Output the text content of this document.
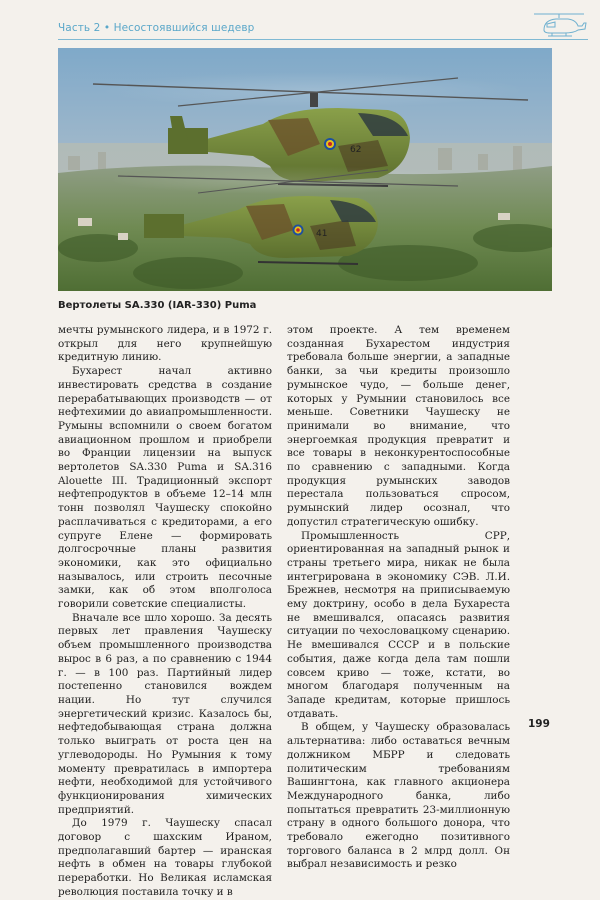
Часть 2 • Несостоявшийся шедевр
62
41
Вертолеты SA.330 (IAR-330) Puma

мечты румынского лидера, и в 1972 г. открыл для него крупнейшую кредитную линию.

Бухарест начал активно инвестировать средства в создание перерабатывающих производств — от нефтехимии до авиапромышленности. Румыны вспомнили о своем богатом авиационном прошлом и приобрели во Франции лицензии на выпуск вертолетов SA.330 Puma и SA.316 Alouette III. Традиционный экспорт нефтепродуктов в объеме 12–14 млн тонн позволял Чаушеску спокойно расплачиваться с кредиторами, а его супруге Елене — формировать долгосрочные планы развития экономики, как это официально называлось, или строить песочные замки, как об этом вполголоса говорили советские специалисты.

Вначале все шло хорошо. За десять первых лет правления Чаушеску объем промышленного производства вырос в 6 раз, а по сравнению с 1944 г. — в 100 раз. Партийный лидер постепенно становился вождем нации. Но тут случился энергетический кризис. Казалось бы, нефтедобывающая страна должна только выиграть от роста цен на углеводороды. Но Румыния к тому моменту превратилась в импортера нефти, необходимой для устойчивого функционирования химических предприятий.

До 1979 г. Чаушеску спасал договор с шахским Ираном, предполагавший бартер — иранская нефть в обмен на товары глубокой переработки. Но Великая исламская революция поставила точку и в

этом проекте. А тем временем созданная Бухарестом индустрия требовала больше энергии, а западные банки, за чьи кредиты произошло румынское чудо, — больше денег, которых у Румынии становилось все меньше. Советники Чаушеску не принимали во внимание, что энергоемкая продукция превратит и все товары в неконкурентоспособные по сравнению с западными. Когда продукция румынских заводов перестала пользоваться спросом, румынский лидер осознал, что допустил стратегическую ошибку.

Промышленность СРР, ориентированная на западный рынок и страны третьего мира, никак не была интегрирована в экономику СЭВ. Л.И. Брежнев, несмотря на приписываемую ему доктрину, особо в дела Бухареста не вмешивался, опасаясь развития ситуации по чехословацкому сценарию. Не вмешивался СССР и в польские события, даже когда дела там пошли совсем криво — тоже, кстати, во многом благодаря полученным на Западе кредитам, которые пришлось отдавать.

В общем, у Чаушеску образовалась альтернатива: либо оставаться вечным должником МБРР и следовать политическим требованиям Вашингтона, как главного акционера Международного банка, либо попытаться превратить 23-миллионную страну в одного большого донора, что требовало ежегодно позитивного торгового баланса в 2 млрд долл. Он выбрал независимость и резко

199
